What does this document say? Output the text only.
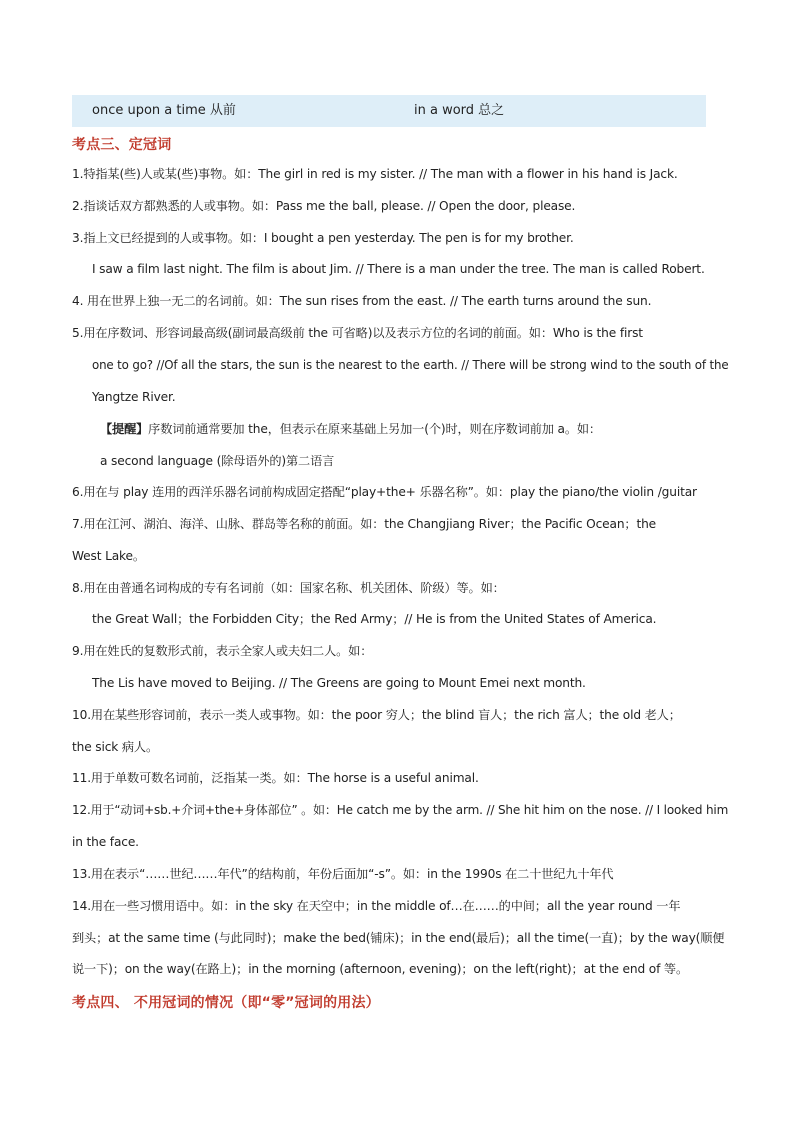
once upon a time 从前	in a word 总之
考点三、定冠词
1.特指某(些)人或某(些)事物。如：The girl in red is my sister. // The man with a flower in his hand is Jack.
2.指谈话双方都熟悉的人或事物。如：Pass me the ball, please. // Open the door, please.
3.指上文已经提到的人或事物。如：I bought a pen yesterday. The pen is for my brother.
I saw a film last night. The film is about Jim. // There is a man under the tree. The man is called Robert.
4. 用在世界上独一无二的名词前。如：The sun rises from the east. // The earth turns around the sun.
5.用在序数词、形容词最高级(副词最高级前 the 可省略)以及表示方位的名词的前面。如：Who is the first
one to go? //Of all the stars, the sun is the nearest to the earth. // There will be strong wind to the south of the
Yangtze River.
【提醒】序数词前通常要加 the，但表示在原来基础上另加一(个)时，则在序数词前加 a。如：
a second language (除母语外的)第二语言
6.用在与 play 连用的西洋乐器名词前构成固定搭配“play+the+ 乐器名称”。如：play the piano/the violin /guitar
7.用在江河、湖泊、海洋、山脉、群岛等名称的前面。如：the Changjiang River；the Pacific Ocean；the
West Lake。
8.用在由普通名词构成的专有名词前（如：国家名称、机关团体、阶级）等。如：
the Great Wall；the Forbidden City；the Red Army；// He is from the United States of America.
9.用在姓氏的复数形式前，表示全家人或夫妇二人。如：
The Lis have moved to Beijing. // The Greens are going to Mount Emei next month.
10.用在某些形容词前，表示一类人或事物。如：the poor 穷人；the blind 盲人；the rich 富人；the old 老人；
the sick 病人。
11.用于单数可数名词前，泛指某一类。如：The horse is a useful animal.
12.用于“动词+sb.+介词+the+身体部位” 。如：He catch me by the arm. // She hit him on the nose. // I looked him
in the face.
13.用在表示“……世纪……年代”的结构前，年份后面加“-s”。如：in the 1990s 在二十世纪九十年代
14.用在一些习惯用语中。如：in the sky 在天空中；in the middle of…在……的中间；all the year round 一年
到头；at the same time (与此同时)；make the bed(铺床)；in the end(最后)；all the time(一直)；by the way(顺便
说一下)；on the way(在路上)；in the morning (afternoon, evening)；on the left(right)；at the end of 等。
考点四、 不用冠词的情况（即“零”冠词的用法）
